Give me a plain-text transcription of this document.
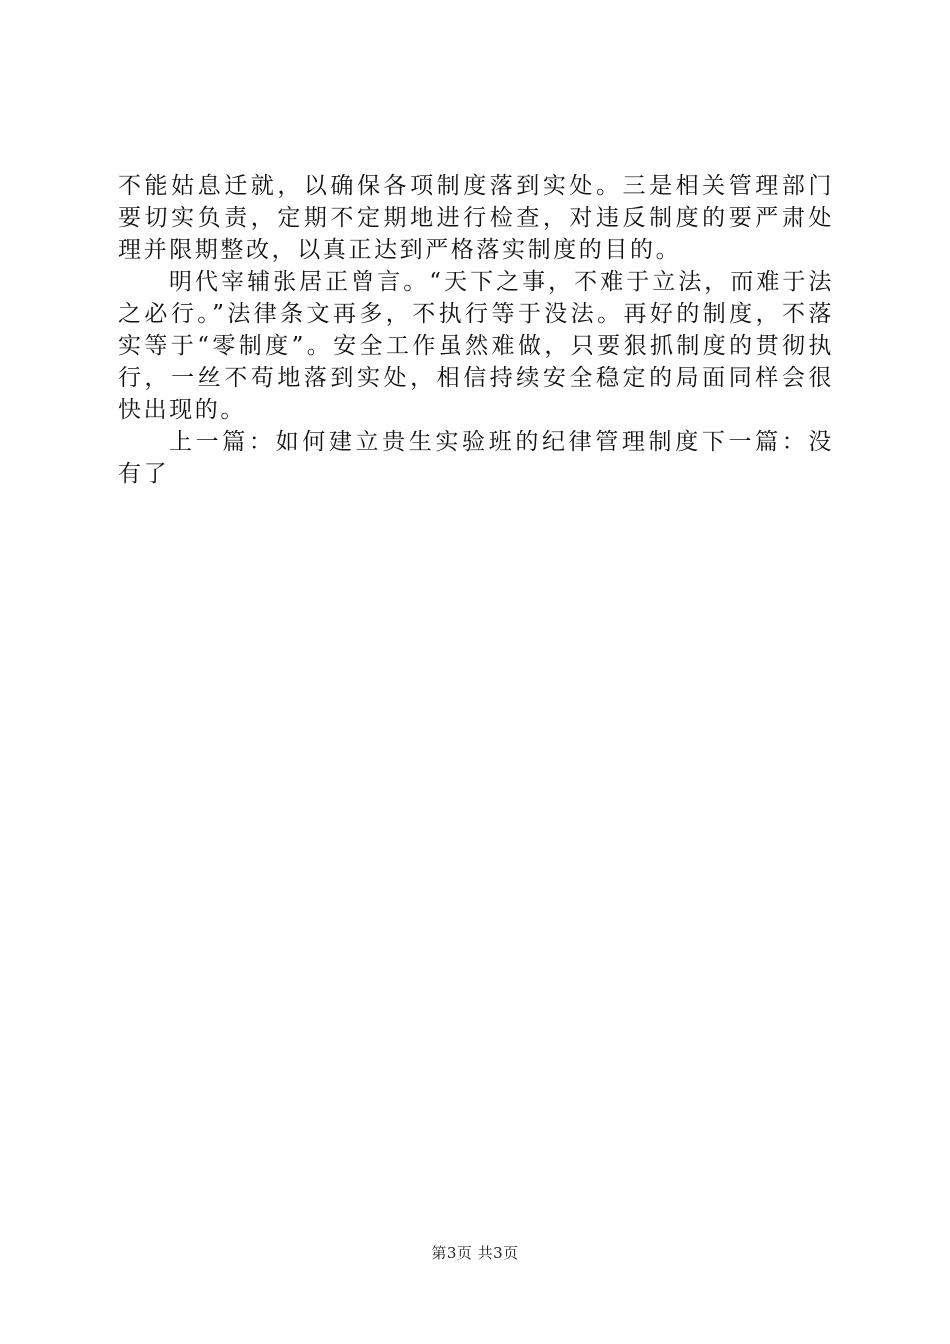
不能姑息迁就，以确保各项制度落到实处。三是相关管理部门要切实负责，定期不定期地进行检查，对违反制度的要严肃处理并限期整改，以真正达到严格落实制度的目的。

明代宰辅张居正曾言。“天下之事，不难于立法，而难于法之必行。”法律条文再多，不执行等于没法。再好的制度，不落实等于“零制度”。安全工作虽然难做，只要狠抓制度的贯彻执行，一丝不苟地落到实处，相信持续安全稳定的局面同样会很快出现的。

上一篇：如何建立贵生实验班的纪律管理制度下一篇：没有了

第3页 共3页
